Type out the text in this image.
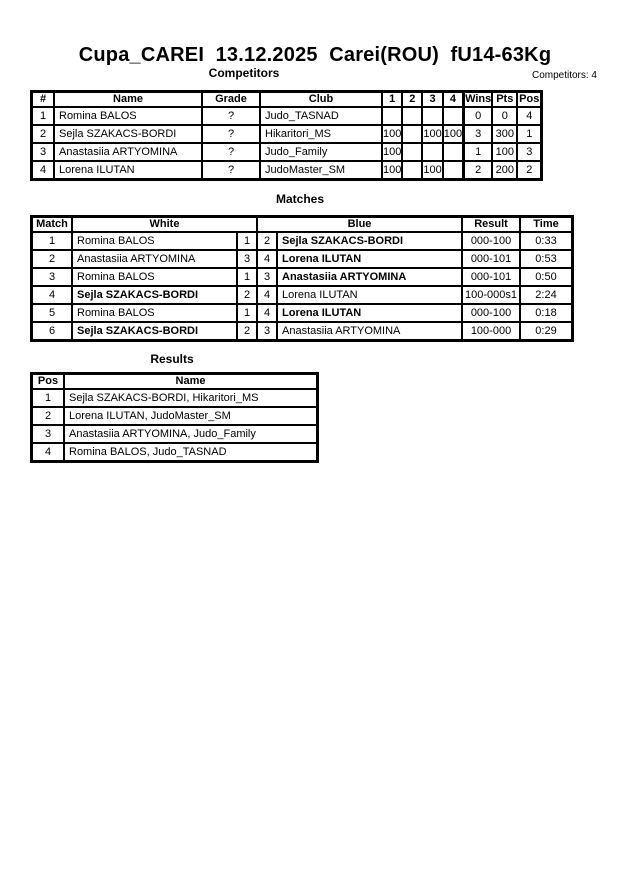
Cupa_CAREI  13.12.2025  Carei(ROU)  fU14-63Kg
Competitors	Competitors: 4
#	Name	Grade	Club	1	2	3	4	Wins	Pts	Pos
1	Romina BALOS	?	Judo_TASNAD					0	0	4
2	Sejla SZAKACS-BORDI	?	Hikaritori_MS	100		100	100	3	300	1
3	Anastasiia ARTYOMINA	?	Judo_Family	100				1	100	3
4	Lorena ILUTAN	?	JudoMaster_SM	100		100		2	200	2
Matches
Match	White		Blue		Result	Time
1	Romina BALOS	1	2	Sejla SZAKACS-BORDI	000-100	0:33
2	Anastasiia ARTYOMINA	3	4	Lorena ILUTAN	000-101	0:53
3	Romina BALOS	1	3	Anastasiia ARTYOMINA	000-101	0:50
4	Sejla SZAKACS-BORDI	2	4	Lorena ILUTAN	100-000s1	2:24
5	Romina BALOS	1	4	Lorena ILUTAN	000-100	0:18
6	Sejla SZAKACS-BORDI	2	3	Anastasiia ARTYOMINA	100-000	0:29
Results
Pos	Name
1	Sejla SZAKACS-BORDI, Hikaritori_MS
2	Lorena ILUTAN, JudoMaster_SM
3	Anastasiia ARTYOMINA, Judo_Family
4	Romina BALOS, Judo_TASNAD
